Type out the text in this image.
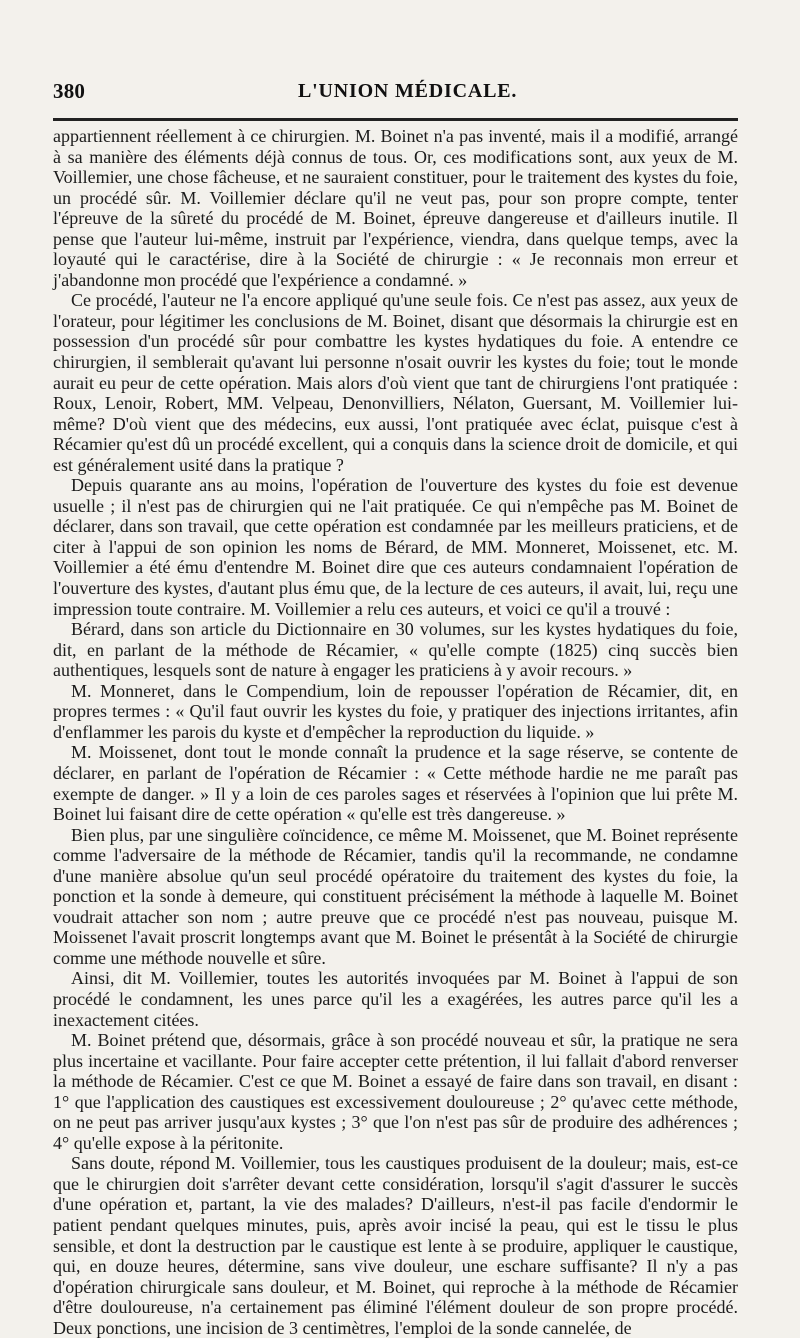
380	L'UNION MÉDICALE.

appartiennent réellement à ce chirurgien. M. Boinet n'a pas inventé, mais il a modifié, arrangé à sa manière des éléments déjà connus de tous. Or, ces modifications sont, aux yeux de M. Voillemier, une chose fâcheuse, et ne sauraient constituer, pour le traitement des kystes du foie, un procédé sûr. M. Voillemier déclare qu'il ne veut pas, pour son propre compte, tenter l'épreuve de la sûreté du procédé de M. Boinet, épreuve dangereuse et d'ailleurs inutile. Il pense que l'auteur lui-même, instruit par l'expérience, viendra, dans quelque temps, avec la loyauté qui le caractérise, dire à la Société de chirurgie : « Je reconnais mon erreur et j'abandonne mon procédé que l'expérience a condamné. »

Ce procédé, l'auteur ne l'a encore appliqué qu'une seule fois. Ce n'est pas assez, aux yeux de l'orateur, pour légitimer les conclusions de M. Boinet, disant que désormais la chirurgie est en possession d'un procédé sûr pour combattre les kystes hydatiques du foie. A entendre ce chirurgien, il semblerait qu'avant lui personne n'osait ouvrir les kystes du foie; tout le monde aurait eu peur de cette opération. Mais alors d'où vient que tant de chirurgiens l'ont pratiquée : Roux, Lenoir, Robert, MM. Velpeau, Denonvilliers, Nélaton, Guersant, M. Voillemier lui-même? D'où vient que des médecins, eux aussi, l'ont pratiquée avec éclat, puisque c'est à Récamier qu'est dû un procédé excellent, qui a conquis dans la science droit de domicile, et qui est généralement usité dans la pratique ?

Depuis quarante ans au moins, l'opération de l'ouverture des kystes du foie est devenue usuelle ; il n'est pas de chirurgien qui ne l'ait pratiquée. Ce qui n'empêche pas M. Boinet de déclarer, dans son travail, que cette opération est condamnée par les meilleurs praticiens, et de citer à l'appui de son opinion les noms de Bérard, de MM. Monneret, Moissenet, etc. M. Voillemier a été ému d'entendre M. Boinet dire que ces auteurs condamnaient l'opération de l'ouverture des kystes, d'autant plus ému que, de la lecture de ces auteurs, il avait, lui, reçu une impression toute contraire. M. Voillemier a relu ces auteurs, et voici ce qu'il a trouvé :

Bérard, dans son article du Dictionnaire en 30 volumes, sur les kystes hydatiques du foie, dit, en parlant de la méthode de Récamier, « qu'elle compte (1825) cinq succès bien authentiques, lesquels sont de nature à engager les praticiens à y avoir recours. »

M. Monneret, dans le Compendium, loin de repousser l'opération de Récamier, dit, en propres termes : « Qu'il faut ouvrir les kystes du foie, y pratiquer des injections irritantes, afin d'enflammer les parois du kyste et d'empêcher la reproduction du liquide. »

M. Moissenet, dont tout le monde connaît la prudence et la sage réserve, se contente de déclarer, en parlant de l'opération de Récamier : « Cette méthode hardie ne me paraît pas exempte de danger. » Il y a loin de ces paroles sages et réservées à l'opinion que lui prête M. Boinet lui faisant dire de cette opération « qu'elle est très dangereuse. »

Bien plus, par une singulière coïncidence, ce même M. Moissenet, que M. Boinet représente comme l'adversaire de la méthode de Récamier, tandis qu'il la recommande, ne condamne d'une manière absolue qu'un seul procédé opératoire du traitement des kystes du foie, la ponction et la sonde à demeure, qui constituent précisément la méthode à laquelle M. Boinet voudrait attacher son nom ; autre preuve que ce procédé n'est pas nouveau, puisque M. Moissenet l'avait proscrit longtemps avant que M. Boinet le présentât à la Société de chirurgie comme une méthode nouvelle et sûre.

Ainsi, dit M. Voillemier, toutes les autorités invoquées par M. Boinet à l'appui de son procédé le condamnent, les unes parce qu'il les a exagérées, les autres parce qu'il les a inexactement citées.

M. Boinet prétend que, désormais, grâce à son procédé nouveau et sûr, la pratique ne sera plus incertaine et vacillante. Pour faire accepter cette prétention, il lui fallait d'abord renverser la méthode de Récamier. C'est ce que M. Boinet a essayé de faire dans son travail, en disant : 1° que l'application des caustiques est excessivement douloureuse ; 2° qu'avec cette méthode, on ne peut pas arriver jusqu'aux kystes ; 3° que l'on n'est pas sûr de produire des adhérences ; 4° qu'elle expose à la péritonite.

Sans doute, répond M. Voillemier, tous les caustiques produisent de la douleur; mais, est-ce que le chirurgien doit s'arrêter devant cette considération, lorsqu'il s'agit d'assurer le succès d'une opération et, partant, la vie des malades? D'ailleurs, n'est-il pas facile d'endormir le patient pendant quelques minutes, puis, après avoir incisé la peau, qui est le tissu le plus sensible, et dont la destruction par le caustique est lente à se produire, appliquer le caustique, qui, en douze heures, détermine, sans vive douleur, une eschare suffisante? Il n'y a pas d'opération chirurgicale sans douleur, et M. Boinet, qui reproche à la méthode de Récamier d'être douloureuse, n'a certainement pas éliminé l'élément douleur de son propre procédé. Deux ponctions, une incision de 3 centimètres, l'emploi de la sonde cannelée, de
